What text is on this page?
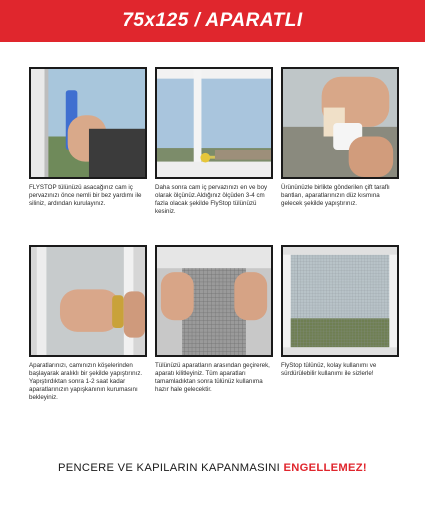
75x125 / APARATLI
FLYSTOP tülünüzü asacağınız cam iç pervazınızı önce nemli bir bez yardımı ile siliniz, ardından kurulayınız.
Daha sonra cam iç pervazınızı en ve boy olarak ölçünüz.Aldığınız ölçüden 3-4 cm fazla olacak şekilde FlyStop tülünüzü kesiniz.
Ürününüzle birlikte gönderilen çift taraflı bantları, aparatlarınızın düz kısmına gelecek şekilde yapıştırınız.
Aparatlarınızı, camınızın köşelerinden başlayarak aralıklı bir şekilde yapıştırınız. Yapıştırdıktan sonra 1-2 saat kadar aparatlarınızın yapışkanının kurumasını bekleyiniz.
Tülünüzü aparatların arasından geçirerek, aparatı kilitleyiniz. Tüm aparatları tamamladıktan sonra tülünüz kullanıma hazır hale gelecektir.
FlyStop tülünüz, kolay kullanımı ve sürdürülebilir kullanımı ile sizlerle!
PENCERE VE KAPILARIN KAPANMASINI ENGELLEMEZ!
